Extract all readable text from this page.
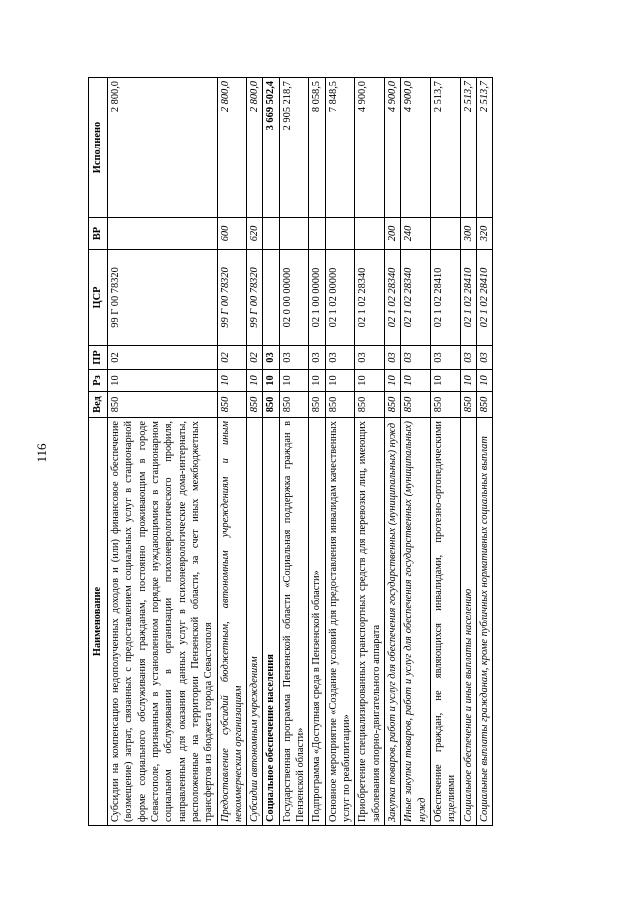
116
Наименование	Вед	Рз	ПР	ЦСР	ВР	Исполнено
Субсидии на компенсацию недополученных доходов и (или) финансовое обеспечение (возмещение) затрат, связанных с предоставлением социальных услуг в стационарной форме социального обслуживания гражданам, постоянно проживающим в городе Севастополе, признанным в установленном порядке нуждающимися в стационарном социальном обслуживании в организации психоневрологического профиля, направленным для оказания данных услуг в психоневрологические дома-интернаты, расположенные на территории Пензенской области, за счет иных межбюджетных трансфертов из бюджета города Севастополя	850	10	02	99 Г 00 78320		2 800,0
Предоставление субсидий бюджетным, автономным учреждениям и иным некоммерческим организациям	850	10	02	99 Г 00 78320	600	2 800,0
Субсидии автономным учреждениям	850	10	02	99 Г 00 78320	620	2 800,0
Социальное обеспечение населения	850	10	03			3 669 502,4
Государственная программа Пензенской области «Социальная поддержка граждан в Пензенской области»	850	10	03	02 0 00 00000		2 905 218,7
Подпрограмма «Доступная среда в Пензенской области»	850	10	03	02 1 00 00000		8 058,5
Основное мероприятие «Создание условий для предоставления инвалидам качественных услуг по реабилитации»	850	10	03	02 1 02 00000		7 848,5
Приобретение специализированных транспортных средств для перевозки лиц, имеющих заболевания опорно-двигательного аппарата	850	10	03	02 1 02 28340		4 900,0
Закупка товаров, работ и услуг для обеспечения государственных (муниципальных) нужд	850	10	03	02 1 02 28340	200	4 900,0
Иные закупки товаров, работ и услуг для обеспечения государственных (муниципальных) нужд	850	10	03	02 1 02 28340	240	4 900,0
Обеспечение граждан, не являющихся инвалидами, протезно-ортопедическими изделиями	850	10	03	02 1 02 28410		2 513,7
Социальное обеспечение и иные выплаты населению	850	10	03	02 1 02 28410	300	2 513,7
Социальные выплаты гражданам, кроме публичных нормативных социальных выплат	850	10	03	02 1 02 28410	320	2 513,7
